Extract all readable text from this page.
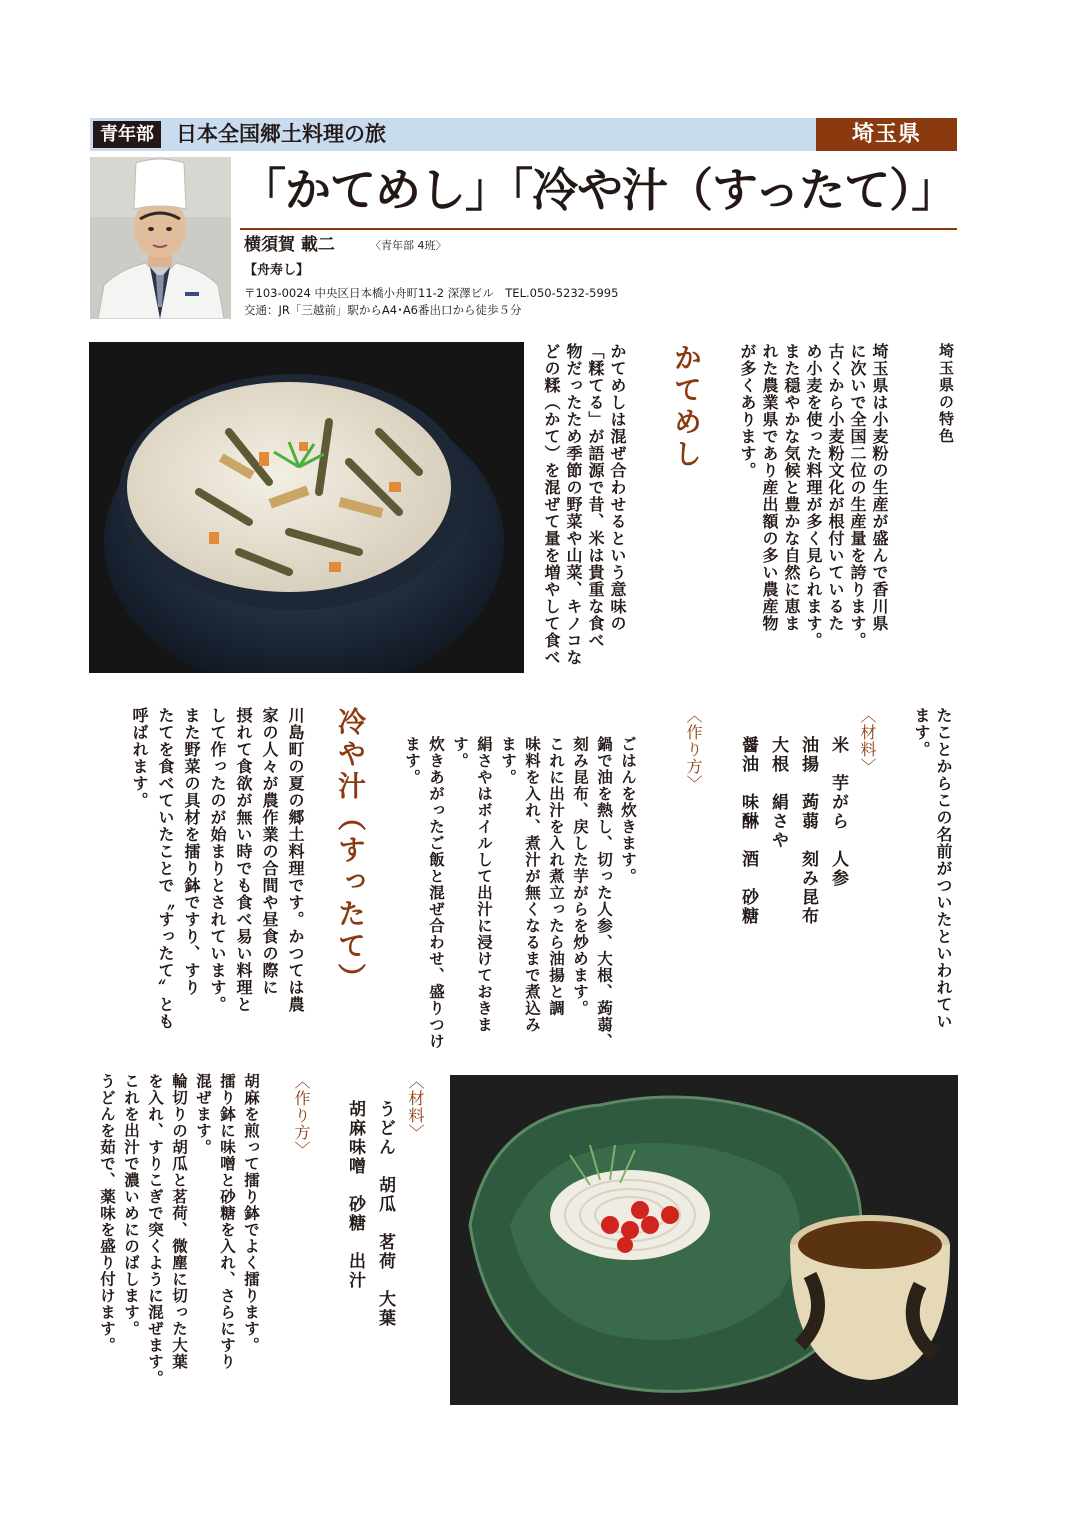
青年部	日本全国郷土料理の旅	埼玉県
「かてめし」「冷や汁（すったて）」
横須賀 載二	〈青年部 4班〉
【舟寿し】
〒103-0024 中央区日本橋小舟町11-2 深澤ビル　TEL.050-5232-5995
交通：JR「三越前」駅からA4･A6番出口から徒歩５分
埼玉県の特色
埼玉県は小麦粉の生産が盛んで香川県
に次いで全国二位の生産量を誇ります。
古くから小麦粉文化が根付いているた
め小麦を使った料理が多く見られます。
また穏やかな気候と豊かな自然に恵ま
れた農業県であり産出額の多い農産物
が多くあります。
かてめし
かてめしは混ぜ合わせるという意味の
「糅てる」が語源で昔、米は貴重な食べ
物だったため季節の野菜や山菜、キノコな
どの糅（かて）を混ぜて量を増やして食べ
たことからこの名前がついたといわれてい
ます。
〈材料〉
米　芋がら　人参
油揚　蒟蒻　刻み昆布
大根　絹さや
醤油　味醂　酒　砂糖
〈作り方〉
ごはんを炊きます。
鍋で油を熱し、切った人参、大根、蒟蒻、
刻み昆布、戻した芋がらを炒めます。
これに出汁を入れ煮立ったら油揚と調
味料を入れ、煮汁が無くなるまで煮込み
ます。
絹さやはボイルして出汁に浸けておきま
す。
炊きあがったご飯と混ぜ合わせ、盛りつけ
ます。
冷や汁（すったて）
川島町の夏の郷土料理です。かつては農
家の人々が農作業の合間や昼食の際に
摂れて食欲が無い時でも食べ易い料理と
して作ったのが始まりとされています。
また野菜の具材を擂り鉢ですり、すり
たてを食べていたことで〝すったて〟とも
呼ばれます。
〈材料〉
うどん　胡瓜　茗荷　大葉
胡麻味噌　砂糖　出汁
〈作り方〉
胡麻を煎って擂り鉢でよく擂ります。
擂り鉢に味噌と砂糖を入れ、さらにすり
混ぜます。
輪切りの胡瓜と茗荷、微塵に切った大葉
を入れ、すりこぎで突くように混ぜます。
これを出汁で濃いめにのばします。
うどんを茹で、薬味を盛り付けます。
